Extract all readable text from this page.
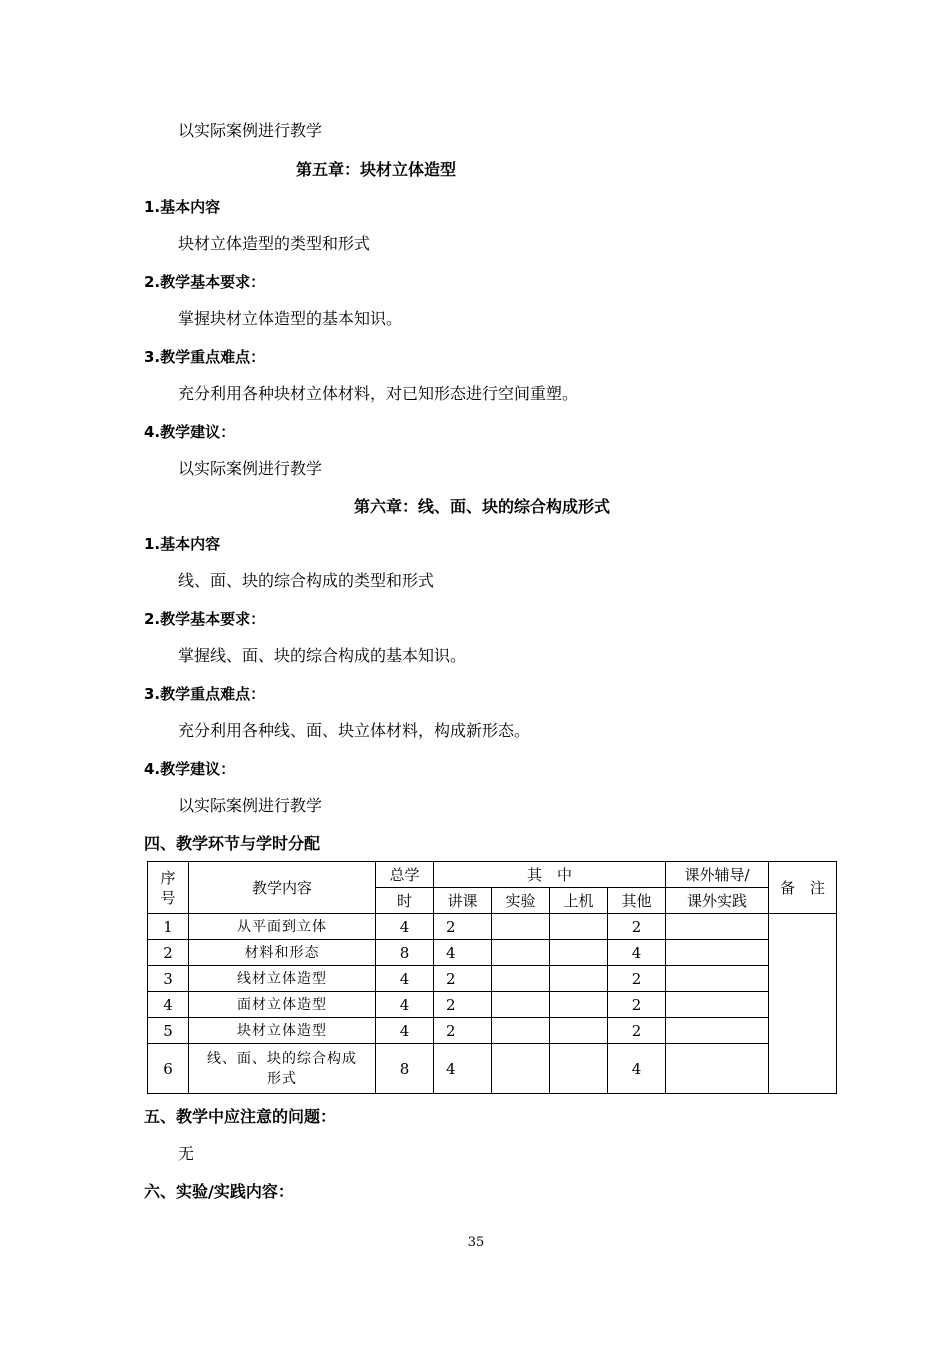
以实际案例进行教学
第五章：块材立体造型
1.基本内容
块材立体造型的类型和形式
2.教学基本要求：
掌握块材立体造型的基本知识。
3.教学重点难点：
充分利用各种块材立体材料，对已知形态进行空间重塑。
4.教学建议：
以实际案例进行教学
第六章：线、面、块的综合构成形式
1.基本内容
线、面、块的综合构成的类型和形式
2.教学基本要求：
掌握线、面、块的综合构成的基本知识。
3.教学重点难点：
充分利用各种线、面、块立体材料，构成新形态。
4.教学建议：
以实际案例进行教学
四、教学环节与学时分配
序
号	教学内容	总学	其　中				课外辅导/	备　注
		时	讲课	实验	上机	其他	课外实践	
1	从平面到立体	4	2			2		
2	材料和形态	8	4			4		
3	线材立体造型	4	2			2		
4	面材立体造型	4	2			2		
5	块材立体造型	4	2			2		
6	线、面、块的综合构成
形式	8	4			4		
五、教学中应注意的问题：
无
六、实验/实践内容：
35
